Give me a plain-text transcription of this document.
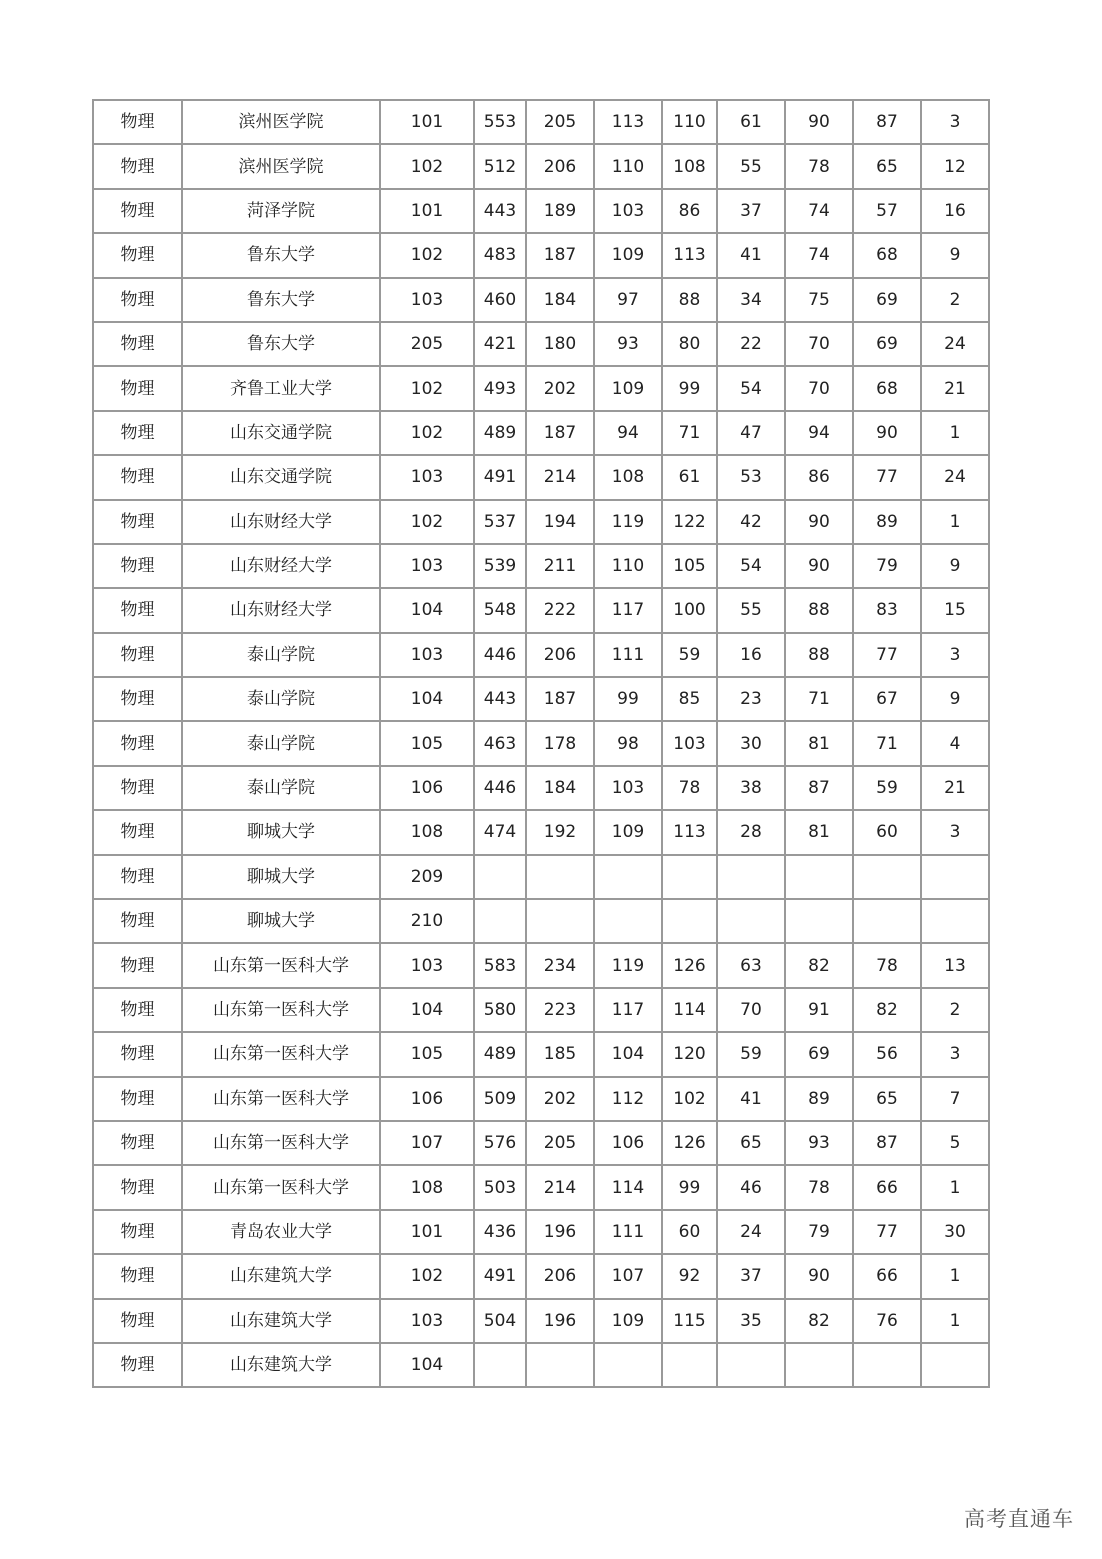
物理	滨州医学院	101	553	205	113	110	61	90	87	3
物理	滨州医学院	102	512	206	110	108	55	78	65	12
物理	菏泽学院	101	443	189	103	86	37	74	57	16
物理	鲁东大学	102	483	187	109	113	41	74	68	9
物理	鲁东大学	103	460	184	97	88	34	75	69	2
物理	鲁东大学	205	421	180	93	80	22	70	69	24
物理	齐鲁工业大学	102	493	202	109	99	54	70	68	21
物理	山东交通学院	102	489	187	94	71	47	94	90	1
物理	山东交通学院	103	491	214	108	61	53	86	77	24
物理	山东财经大学	102	537	194	119	122	42	90	89	1
物理	山东财经大学	103	539	211	110	105	54	90	79	9
物理	山东财经大学	104	548	222	117	100	55	88	83	15
物理	泰山学院	103	446	206	111	59	16	88	77	3
物理	泰山学院	104	443	187	99	85	23	71	67	9
物理	泰山学院	105	463	178	98	103	30	81	71	4
物理	泰山学院	106	446	184	103	78	38	87	59	21
物理	聊城大学	108	474	192	109	113	28	81	60	3
物理	聊城大学	209								
物理	聊城大学	210								
物理	山东第一医科大学	103	583	234	119	126	63	82	78	13
物理	山东第一医科大学	104	580	223	117	114	70	91	82	2
物理	山东第一医科大学	105	489	185	104	120	59	69	56	3
物理	山东第一医科大学	106	509	202	112	102	41	89	65	7
物理	山东第一医科大学	107	576	205	106	126	65	93	87	5
物理	山东第一医科大学	108	503	214	114	99	46	78	66	1
物理	青岛农业大学	101	436	196	111	60	24	79	77	30
物理	山东建筑大学	102	491	206	107	92	37	90	66	1
物理	山东建筑大学	103	504	196	109	115	35	82	76	1
物理	山东建筑大学	104								
高考直通车
